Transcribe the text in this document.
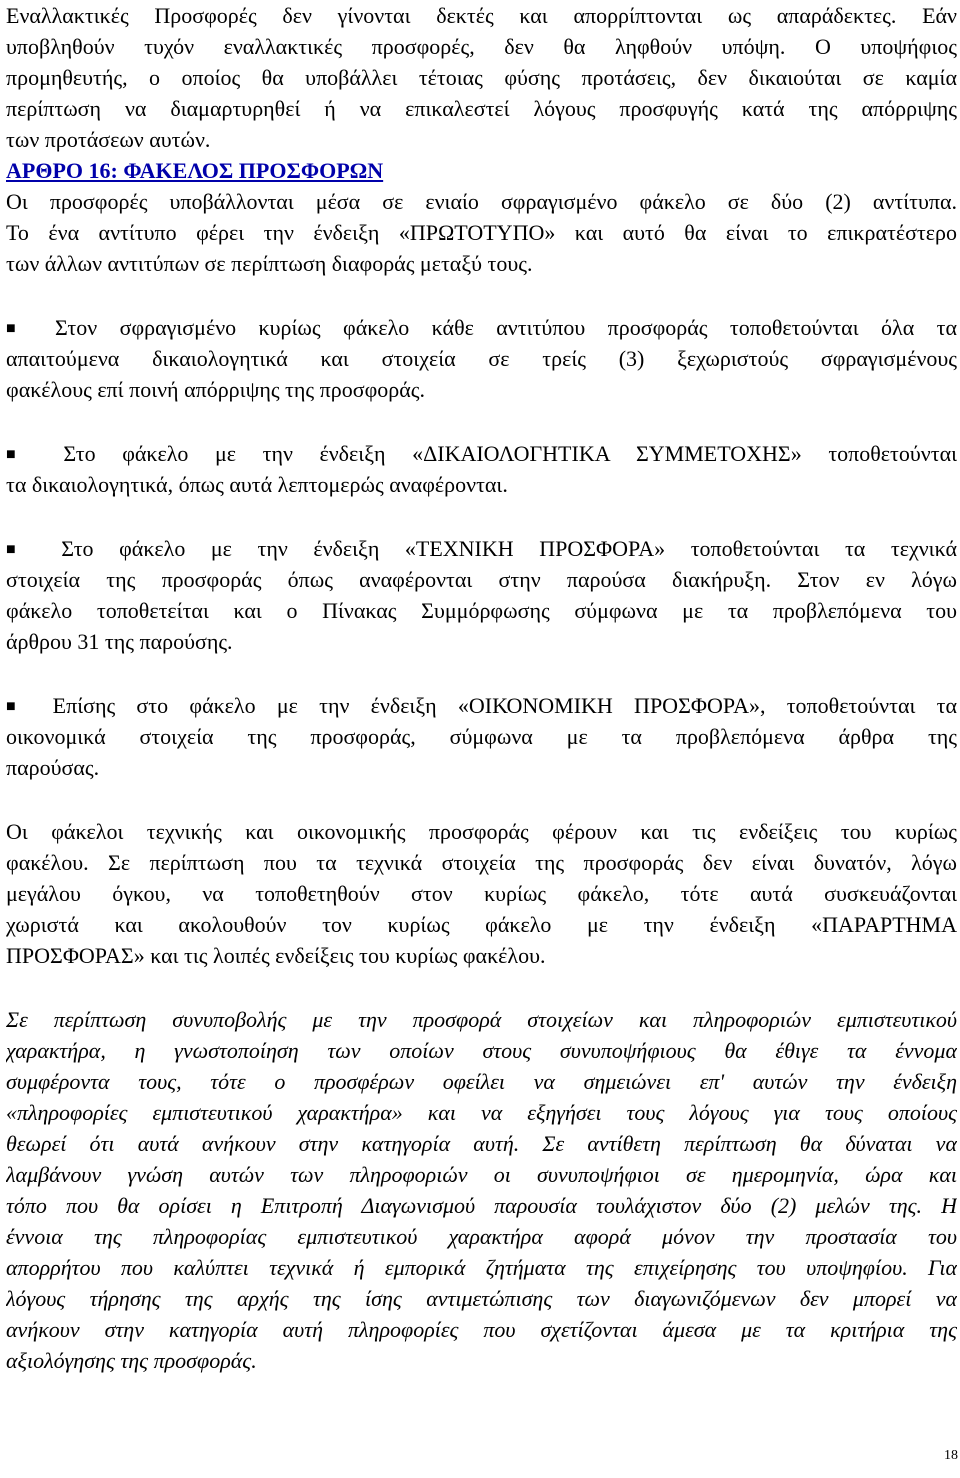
Εναλλακτικές Προσφορές δεν γίνονται δεκτές και απορρίπτονται ως απαράδεκτες. Εάν
υποβληθούν τυχόν εναλλακτικές προσφορές, δεν θα ληφθούν υπόψη. Ο υποψήφιος
προμηθευτής, ο οποίος θα υποβάλλει τέτοιας φύσης προτάσεις, δεν δικαιούται σε καμία
περίπτωση να διαμαρτυρηθεί ή να επικαλεστεί λόγους προσφυγής κατά της απόρριψης
των προτάσεων αυτών.
ΑΡΘΡΟ 16: ΦΑΚΕΛΟΣ ΠΡΟΣΦΟΡΩΝ
Οι προσφορές υποβάλλονται μέσα σε ενιαίο σφραγισμένο φάκελο σε δύο (2) αντίτυπα.
Το ένα αντίτυπο φέρει την ένδειξη «ΠΡΩΤΟΤΥΠΟ» και αυτό θα είναι το επικρατέστερο
των άλλων αντιτύπων σε περίπτωση διαφοράς μεταξύ τους.
■ Στον σφραγισμένο κυρίως φάκελο κάθε αντιτύπου προσφοράς τοποθετούνται όλα τα
απαιτούμενα δικαιολογητικά και στοιχεία σε τρείς (3) ξεχωριστούς σφραγισμένους
φακέλους επί ποινή απόρριψης της προσφοράς.
■ Στο φάκελο με την ένδειξη «ΔΙΚΑΙΟΛΟΓΗΤΙΚΑ ΣΥΜΜΕΤΟΧΗΣ» τοποθετούνται
τα δικαιολογητικά, όπως αυτά λεπτομερώς αναφέρονται.
■ Στο φάκελο με την ένδειξη «ΤΕΧΝΙΚΗ ΠΡΟΣΦΟΡΑ» τοποθετούνται τα τεχνικά
στοιχεία της προσφοράς όπως αναφέρονται στην παρούσα διακήρυξη. Στον εν λόγω
φάκελο τοποθετείται και ο Πίνακας Συμμόρφωσης σύμφωνα με τα προβλεπόμενα του
άρθρου 31 της παρούσης.
■ Επίσης στο φάκελο με την ένδειξη «ΟΙΚΟΝΟΜΙΚΗ ΠΡΟΣΦΟΡΑ», τοποθετούνται τα
οικονομικά στοιχεία της προσφοράς, σύμφωνα με τα προβλεπόμενα άρθρα της
παρούσας.
Οι φάκελοι τεχνικής και οικονομικής προσφοράς φέρουν και τις ενδείξεις του κυρίως
φακέλου. Σε περίπτωση που τα τεχνικά στοιχεία της προσφοράς δεν είναι δυνατόν, λόγω
μεγάλου όγκου, να τοποθετηθούν στον κυρίως φάκελο, τότε αυτά συσκευάζονται
χωριστά και ακολουθούν τον κυρίως φάκελο με την ένδειξη «ΠΑΡΑΡΤΗΜΑ
ΠΡΟΣΦΟΡΑΣ» και τις λοιπές ενδείξεις του κυρίως φακέλου.
Σε περίπτωση συνυποβολής με την προσφορά στοιχείων και πληροφοριών εμπιστευτικού
χαρακτήρα, η γνωστοποίηση των οποίων στους συνυποψήφιους θα έθιγε τα έννομα
συμφέροντα τους, τότε ο προσφέρων οφείλει να σημειώνει επ' αυτών την ένδειξη
«πληροφορίες εμπιστευτικού χαρακτήρα» και να εξηγήσει τους λόγους για τους οποίους
θεωρεί ότι αυτά ανήκουν στην κατηγορία αυτή. Σε αντίθετη περίπτωση θα δύναται να
λαμβάνουν γνώση αυτών των πληροφοριών οι συνυποψήφιοι σε ημερομηνία, ώρα και
τόπο που θα ορίσει η Επιτροπή Διαγωνισμού παρουσία τουλάχιστον δύο (2) μελών της. Η
έννοια της πληροφορίας εμπιστευτικού χαρακτήρα αφορά μόνον την προστασία του
απορρήτου που καλύπτει τεχνικά ή εμπορικά ζητήματα της επιχείρησης του υποψηφίου. Για
λόγους τήρησης της αρχής της ίσης αντιμετώπισης των διαγωνιζόμενων δεν μπορεί να
ανήκουν στην κατηγορία αυτή πληροφορίες που σχετίζονται άμεσα με τα κριτήρια της
αξιολόγησης της προσφοράς.
18
